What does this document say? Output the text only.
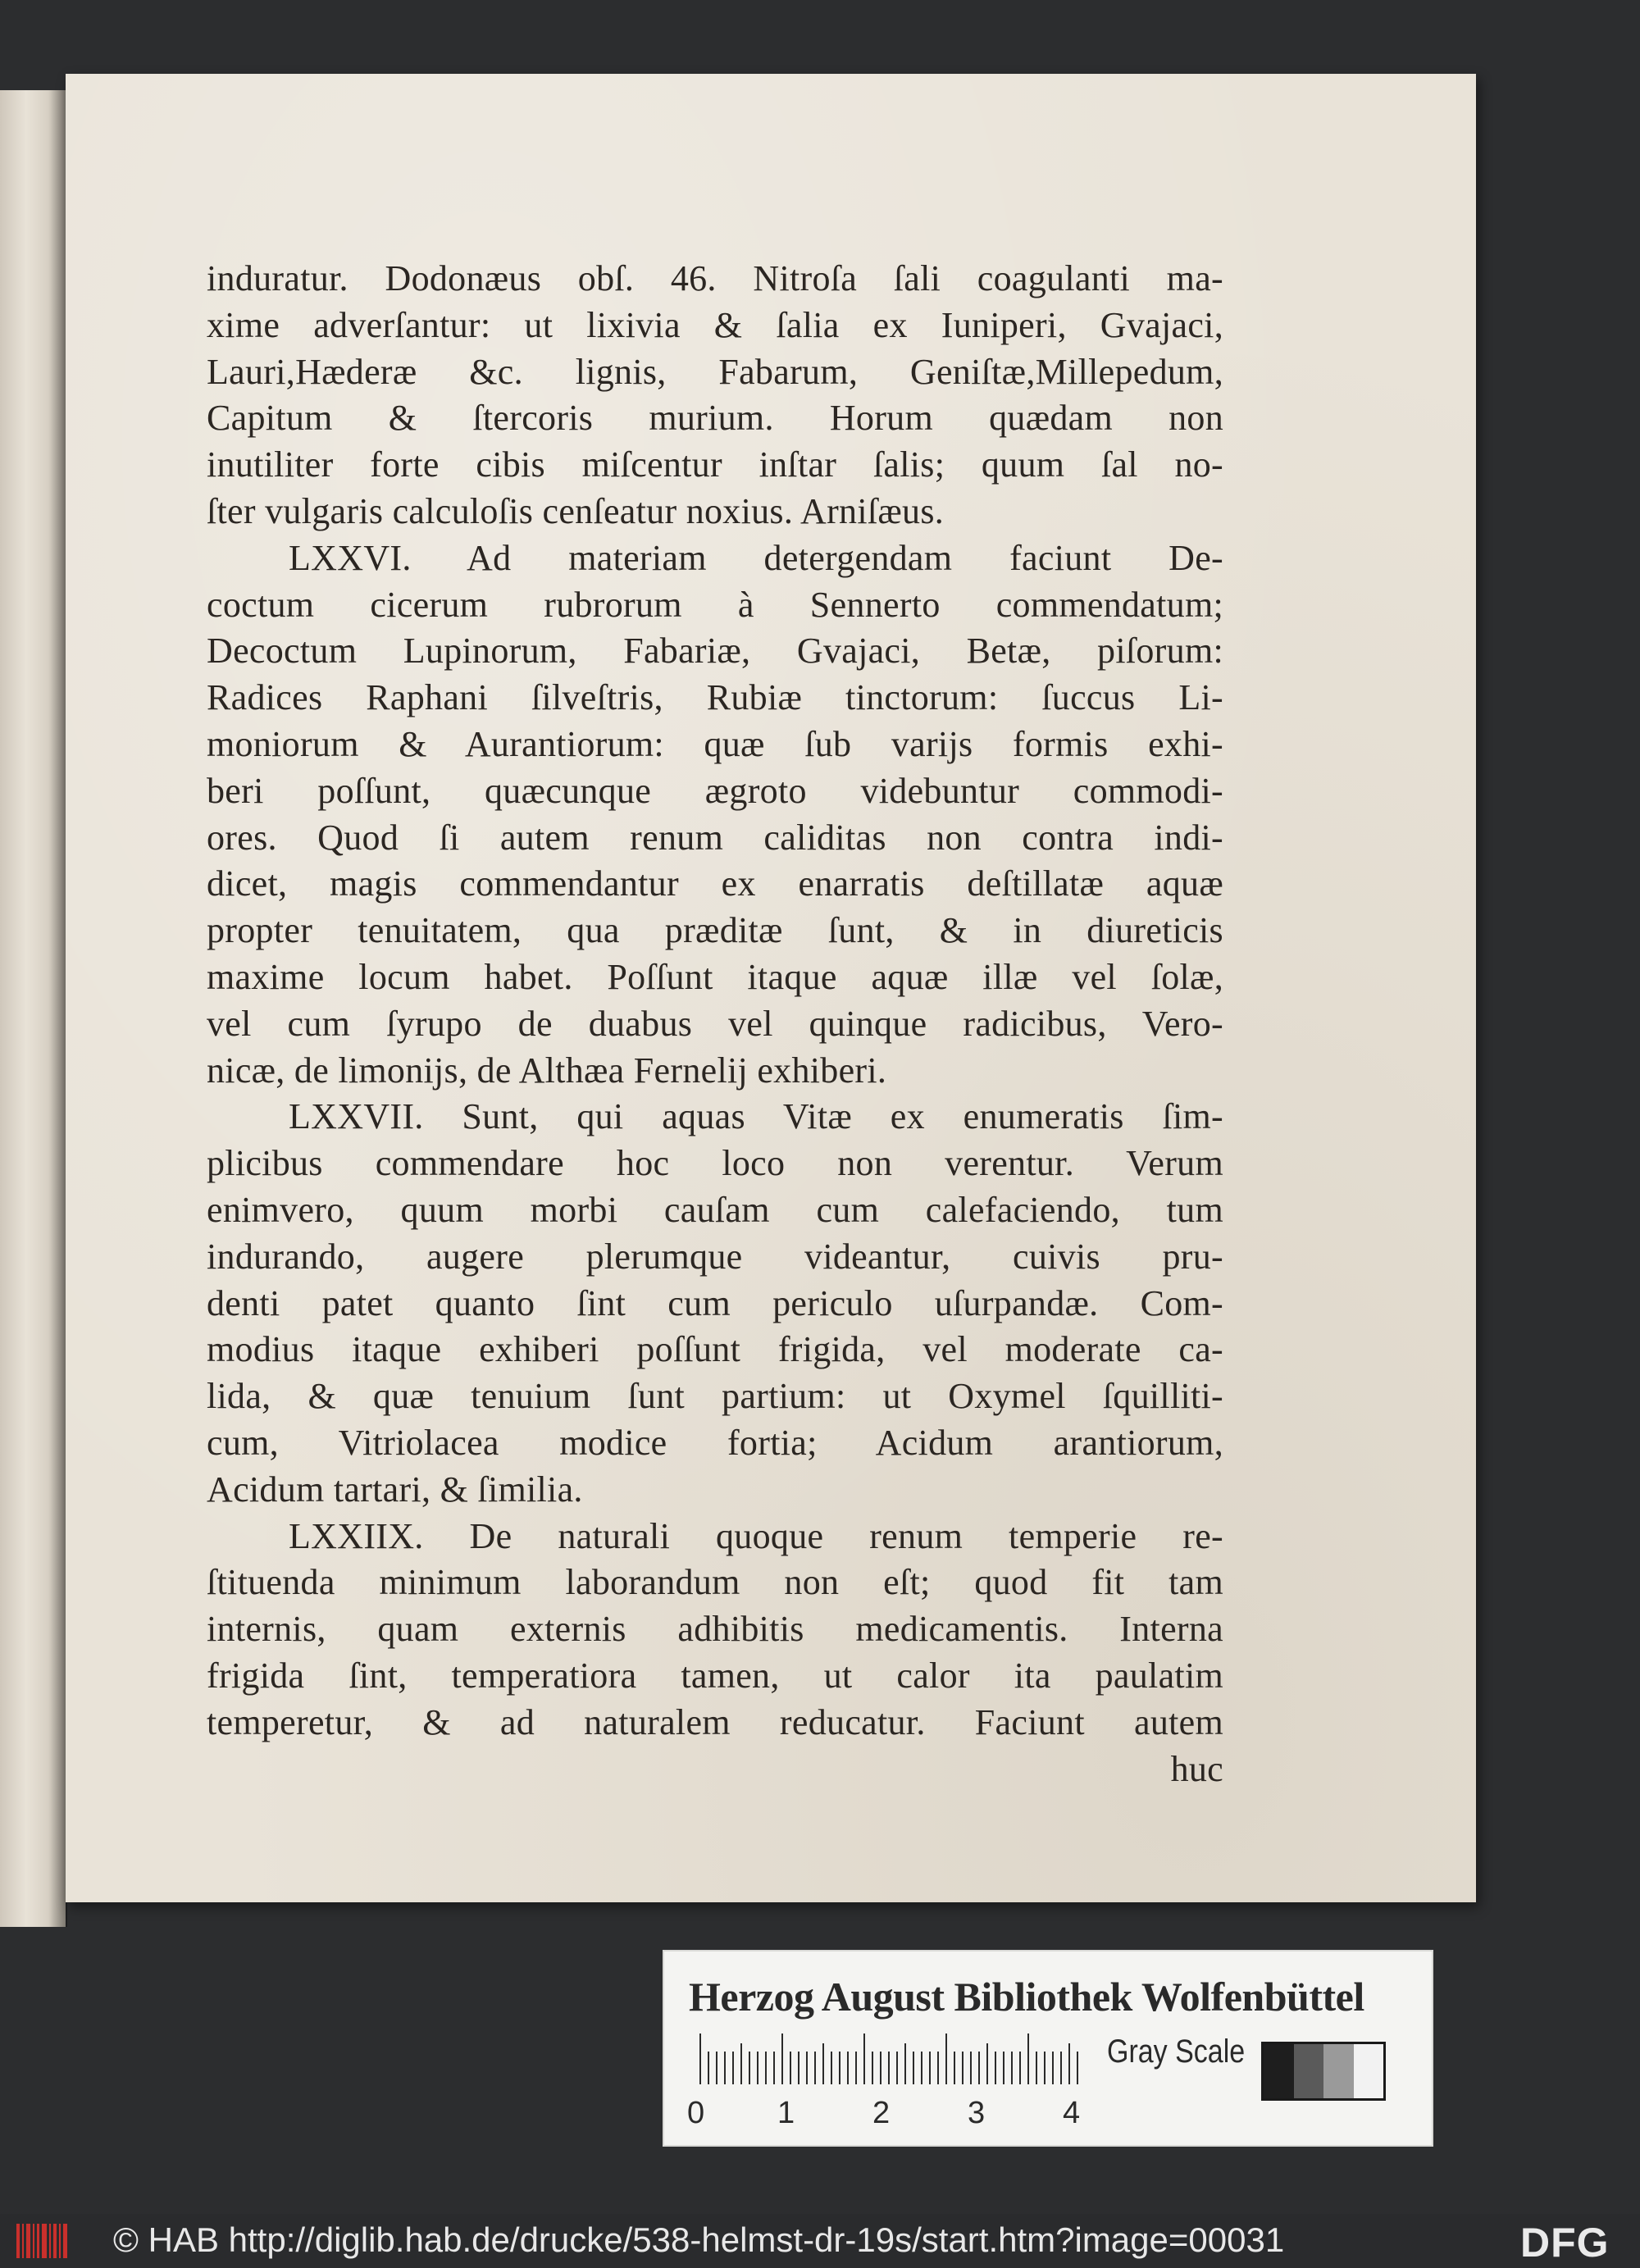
induratur. Dodonæus obſ. 46. Nitroſa ſali coagulanti ma-
xime adverſantur: ut lixivia & ſalia ex Iuniperi, Gvajaci,
Lauri,Hæderæ &c. lignis, Fabarum, Geniſtæ,Millepedum,
Capitum & ſtercoris murium. Horum quædam non
inutiliter forte cibis miſcentur inſtar ſalis; quum ſal no-
ſter vulgaris calculoſis cenſeatur noxius. Arniſæus.
LXXVI. Ad materiam detergendam faciunt De-
coctum cicerum rubrorum à Sennerto commendatum;
Decoctum Lupinorum, Fabariæ, Gvajaci, Betæ, piſorum:
Radices Raphani ſilveſtris, Rubiæ tinctorum: ſuccus Li-
moniorum & Aurantiorum: quæ ſub varijs formis exhi-
beri poſſunt, quæcunque ægroto videbuntur commodi-
ores. Quod ſi autem renum caliditas non contra indi-
dicet, magis commendantur ex enarratis deſtillatæ aquæ
propter tenuitatem, qua præditæ ſunt, & in diureticis
maxime locum habet. Poſſunt itaque aquæ illæ vel ſolæ,
vel cum ſyrupo de duabus vel quinque radicibus, Vero-
nicæ, de limonijs, de Althæa Fernelij exhiberi.
LXXVII. Sunt, qui aquas Vitæ ex enumeratis ſim-
plicibus commendare hoc loco non verentur. Verum
enimvero, quum morbi cauſam cum calefaciendo, tum
indurando, augere plerumque videantur, cuivis pru-
denti patet quanto ſint cum periculo uſurpandæ. Com-
modius itaque exhiberi poſſunt frigida, vel moderate ca-
lida, & quæ tenuium ſunt partium: ut Oxymel ſquilliti-
cum, Vitriolacea modice fortia; Acidum arantiorum,
Acidum tartari, & ſimilia.
LXXIIX. De naturali quoque renum temperie re-
ſtituenda minimum laborandum non eſt; quod fit tam
internis, quam externis adhibitis medicamentis. Interna
frigida ſint, temperatiora tamen, ut calor ita paulatim
temperetur, & ad naturalem reducatur. Faciunt autem
huc
Herzog August Bibliothek Wolfenbüttel
0 1 2 3 4
Gray Scale
© HAB http://diglib.hab.de/drucke/538-helmst-dr-19s/start.htm?image=00031	DFG
